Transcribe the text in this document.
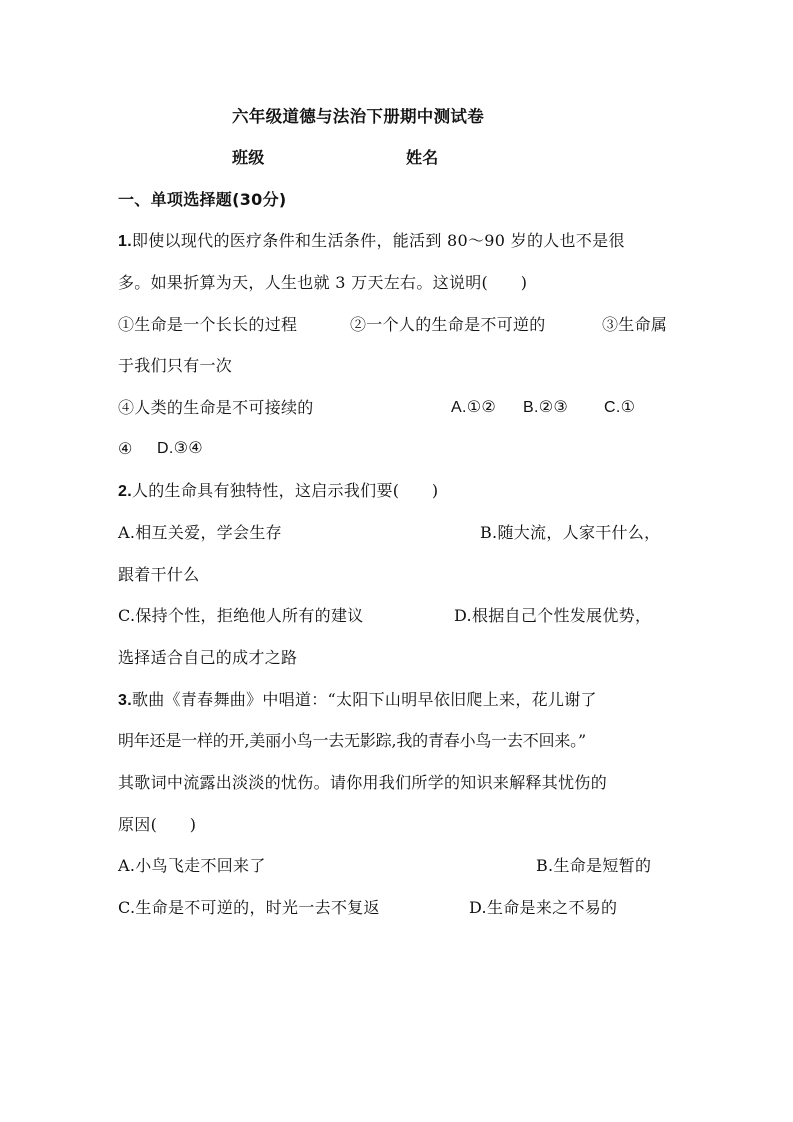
六年级道德与法治下册期中测试卷
班级	姓名
一、单项选择题(30分)
1.即使以现代的医疗条件和生活条件，能活到 80～90 岁的人也不是很
多。如果折算为天，人生也就 3 万天左右。这说明(　　)
①生命是一个长长的过程	②一个人的生命是不可逆的	③生命属
于我们只有一次
④人类的生命是不可接续的	A.①② B.②③ C.①
④ D.③④
2.人的生命具有独特性，这启示我们要(　　)
A.相互关爱，学会生存	B.随大流，人家干什么，
跟着干什么
C.保持个性，拒绝他人所有的建议	D.根据自己个性发展优势，
选择适合自己的成才之路
3.歌曲《青春舞曲》中唱道：“太阳下山明早依旧爬上来，花儿谢了
明年还是一样的开,美丽小鸟一去无影踪,我的青春小鸟一去不回来。”
其歌词中流露出淡淡的忧伤。请你用我们所学的知识来解释其忧伤的
原因(　　)
A.小鸟飞走不回来了	B.生命是短暂的
C.生命是不可逆的，时光一去不复返	D.生命是来之不易的
